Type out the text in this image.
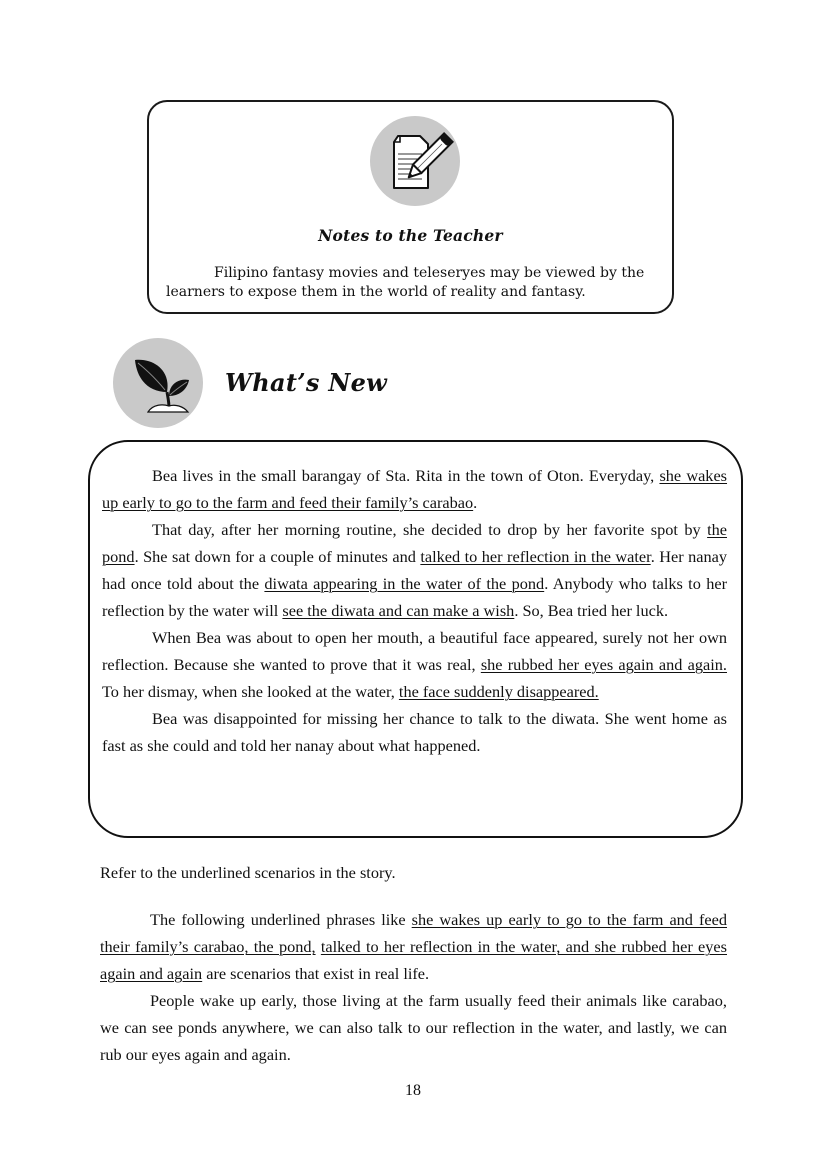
Notes to the Teacher
Filipino fantasy movies and teleseryes may be viewed by the learners to expose them in the world of reality and fantasy.
What’s New

Bea lives in the small barangay of Sta. Rita in the town of Oton. Everyday, she wakes up early to go to the farm and feed their family’s carabao.

That day, after her morning routine, she decided to drop by her favorite spot by the pond. She sat down for a couple of minutes and talked to her reflection in the water. Her nanay had once told about the diwata appearing in the water of the pond. Anybody who talks to her reflection by the water will see the diwata and can make a wish. So, Bea tried her luck.

When Bea was about to open her mouth, a beautiful face appeared, surely not her own reflection. Because she wanted to prove that it was real, she rubbed her eyes again and again. To her dismay, when she looked at the water, the face suddenly disappeared.

Bea was disappointed for missing her chance to talk to the diwata. She went home as fast as she could and told her nanay about what happened.

Refer to the underlined scenarios in the story.

The following underlined phrases like she wakes up early to go to the farm and feed their family’s carabao, the pond, talked to her reflection in the water, and she rubbed her eyes again and again are scenarios that exist in real life.

People wake up early, those living at the farm usually feed their animals like carabao, we can see ponds anywhere, we can also talk to our reflection in the water, and lastly, we can rub our eyes again and again.

18
